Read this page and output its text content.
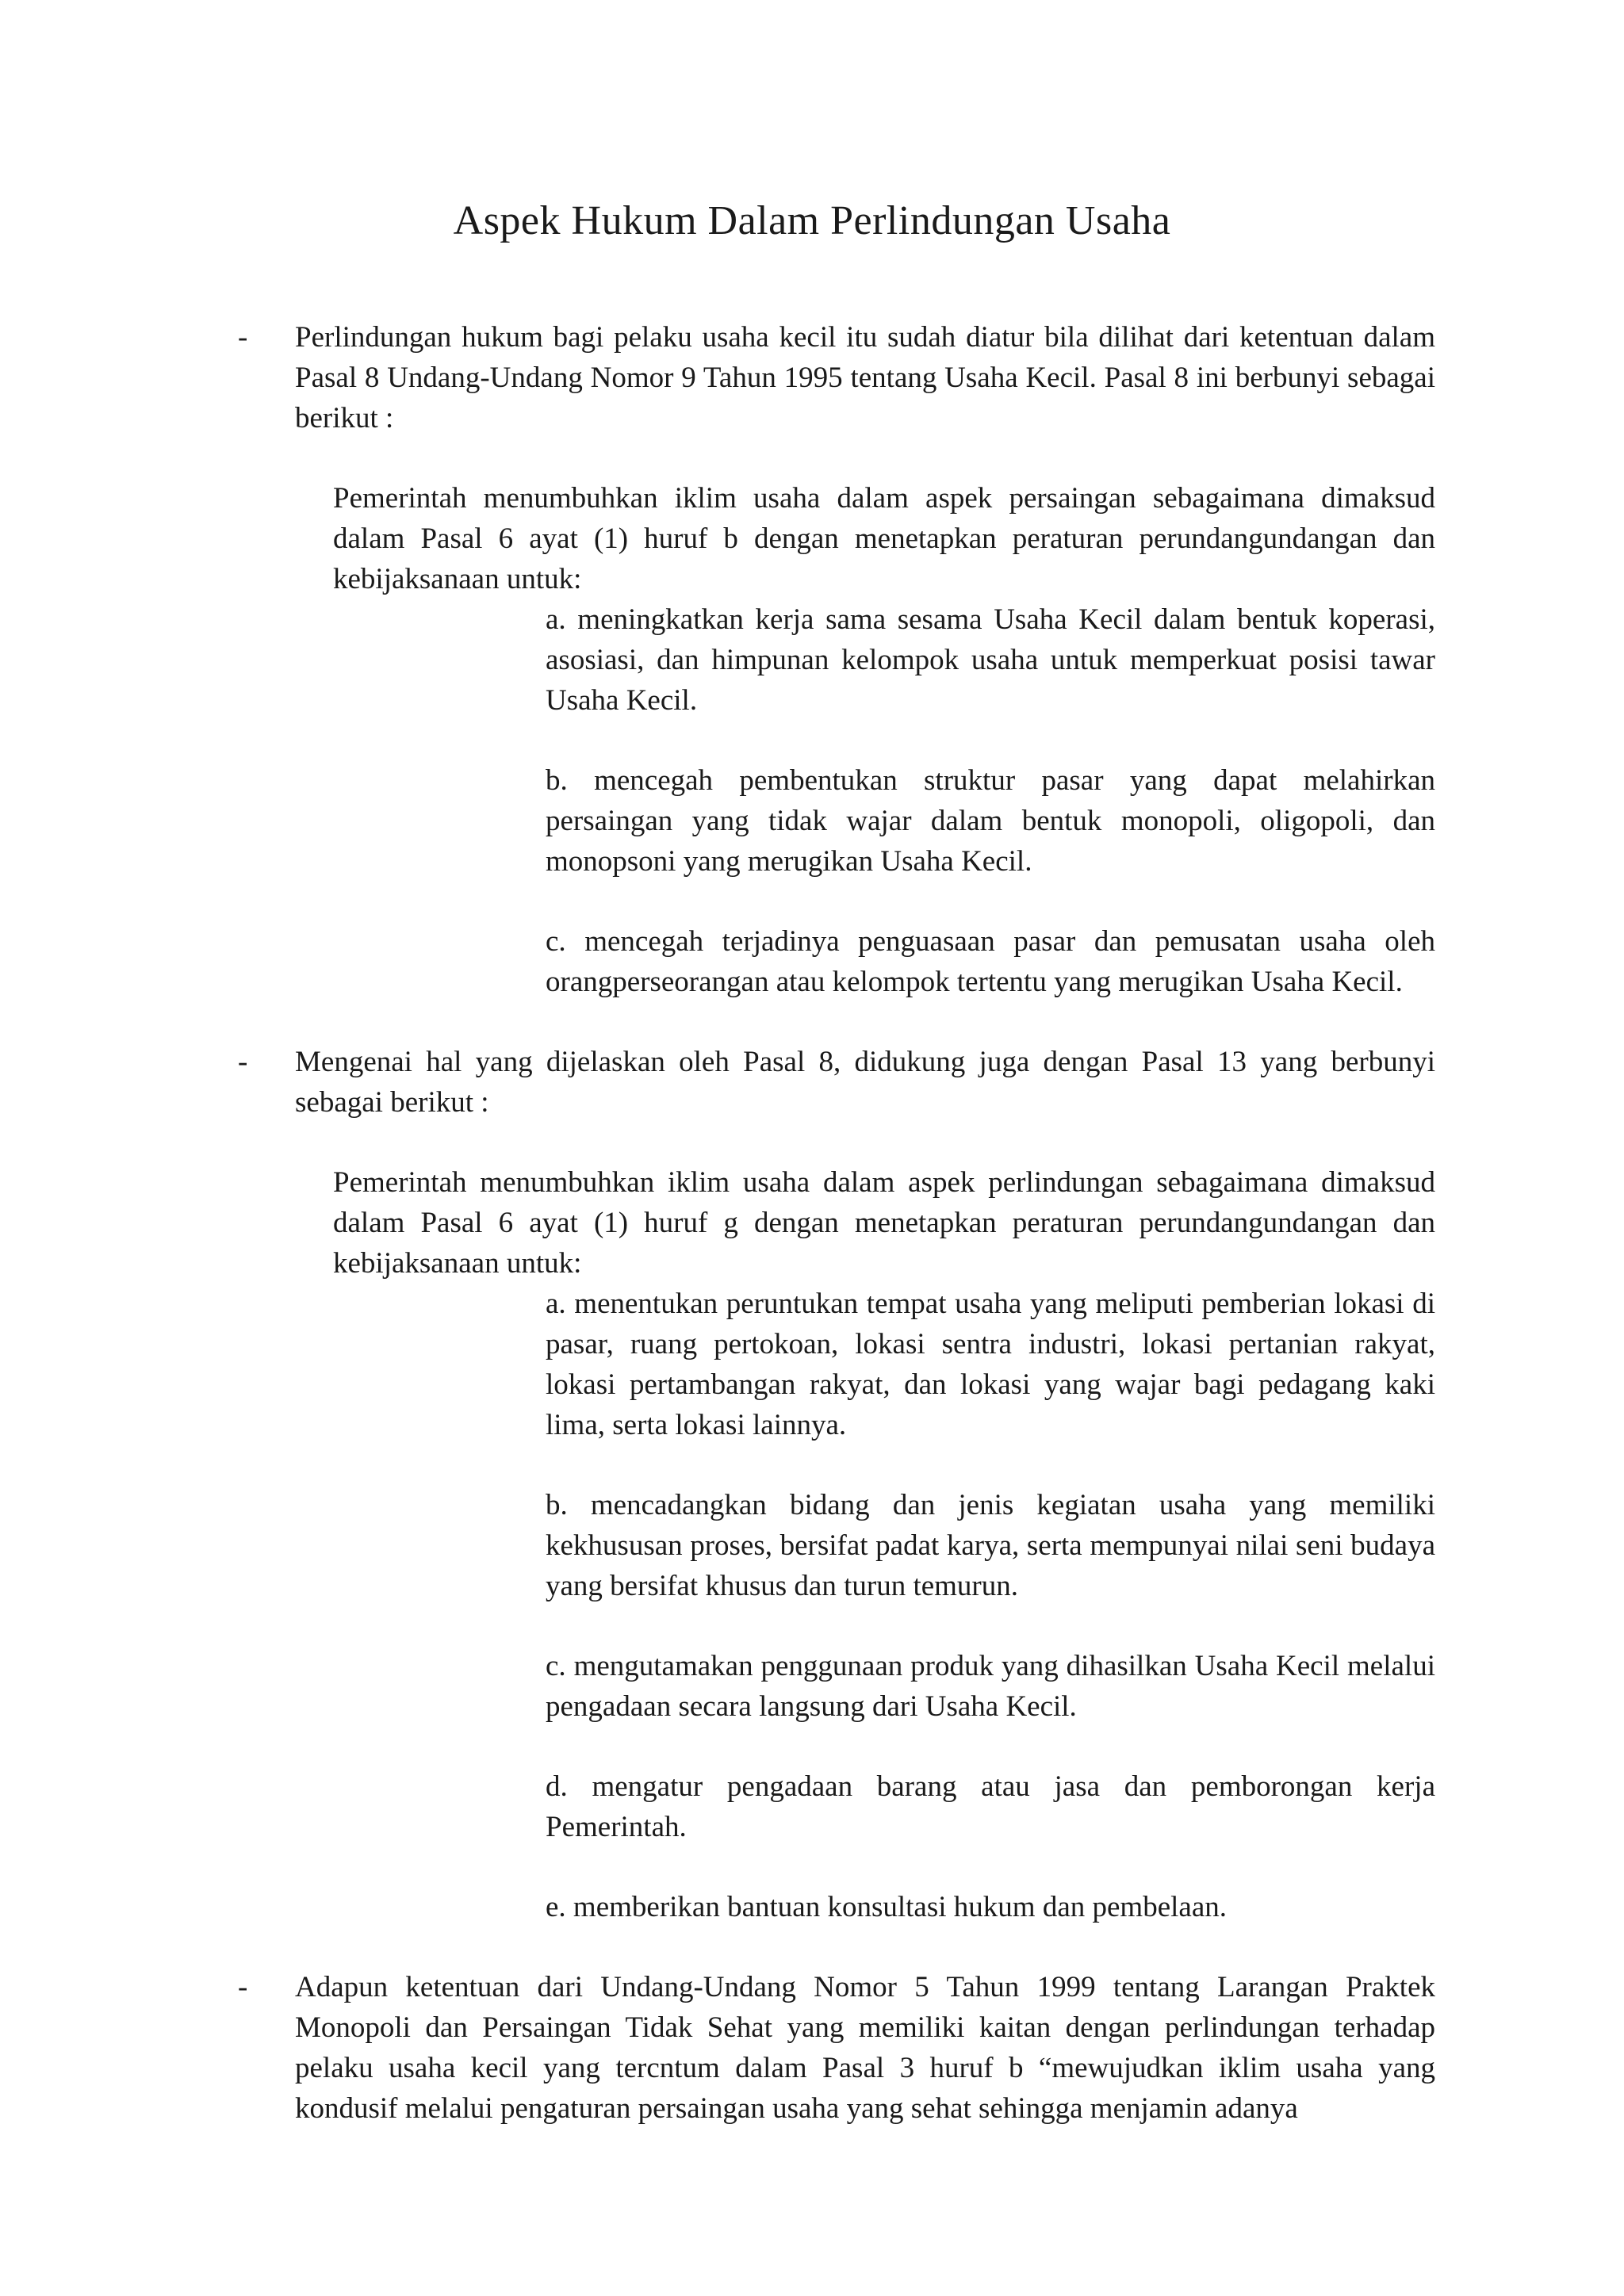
Aspek Hukum Dalam Perlindungan Usaha
- Perlindungan hukum bagi pelaku usaha kecil itu sudah diatur bila dilihat dari ketentuan dalam Pasal 8 Undang-Undang Nomor 9 Tahun 1995 tentang Usaha Kecil. Pasal 8 ini berbunyi sebagai berikut :

Pemerintah menumbuhkan iklim usaha dalam aspek persaingan sebagaimana dimaksud dalam Pasal 6 ayat (1) huruf b dengan menetapkan peraturan perundangundangan dan kebijaksanaan untuk:

a. meningkatkan kerja sama sesama Usaha Kecil dalam bentuk koperasi, asosiasi, dan himpunan kelompok usaha untuk memperkuat posisi tawar Usaha Kecil.

b. mencegah pembentukan struktur pasar yang dapat melahirkan persaingan yang tidak wajar dalam bentuk monopoli, oligopoli, dan monopsoni yang merugikan Usaha Kecil.

c. mencegah terjadinya penguasaan pasar dan pemusatan usaha oleh orangperseorangan atau kelompok tertentu yang merugikan Usaha Kecil.

- Mengenai hal yang dijelaskan oleh Pasal 8, didukung juga dengan Pasal 13 yang berbunyi sebagai berikut :

Pemerintah menumbuhkan iklim usaha dalam aspek perlindungan sebagaimana dimaksud dalam Pasal 6 ayat (1) huruf g dengan menetapkan peraturan perundangundangan dan kebijaksanaan untuk:

a. menentukan peruntukan tempat usaha yang meliputi pemberian lokasi di pasar, ruang pertokoan, lokasi sentra industri, lokasi pertanian rakyat, lokasi pertambangan rakyat, dan lokasi yang wajar bagi pedagang kaki lima, serta lokasi lainnya.

b. mencadangkan bidang dan jenis kegiatan usaha yang memiliki kekhususan proses, bersifat padat karya, serta mempunyai nilai seni budaya yang bersifat khusus dan turun temurun.

c. mengutamakan penggunaan produk yang dihasilkan Usaha Kecil melalui pengadaan secara langsung dari Usaha Kecil.

d. mengatur pengadaan barang atau jasa dan pemborongan kerja Pemerintah.

e. memberikan bantuan konsultasi hukum dan pembelaan.

- Adapun ketentuan dari Undang-Undang Nomor 5 Tahun 1999 tentang Larangan Praktek Monopoli dan Persaingan Tidak Sehat yang memiliki kaitan dengan perlindungan terhadap pelaku usaha kecil yang tercntum dalam Pasal 3 huruf b “mewujudkan iklim usaha yang kondusif melalui pengaturan persaingan usaha yang sehat sehingga menjamin adanya
